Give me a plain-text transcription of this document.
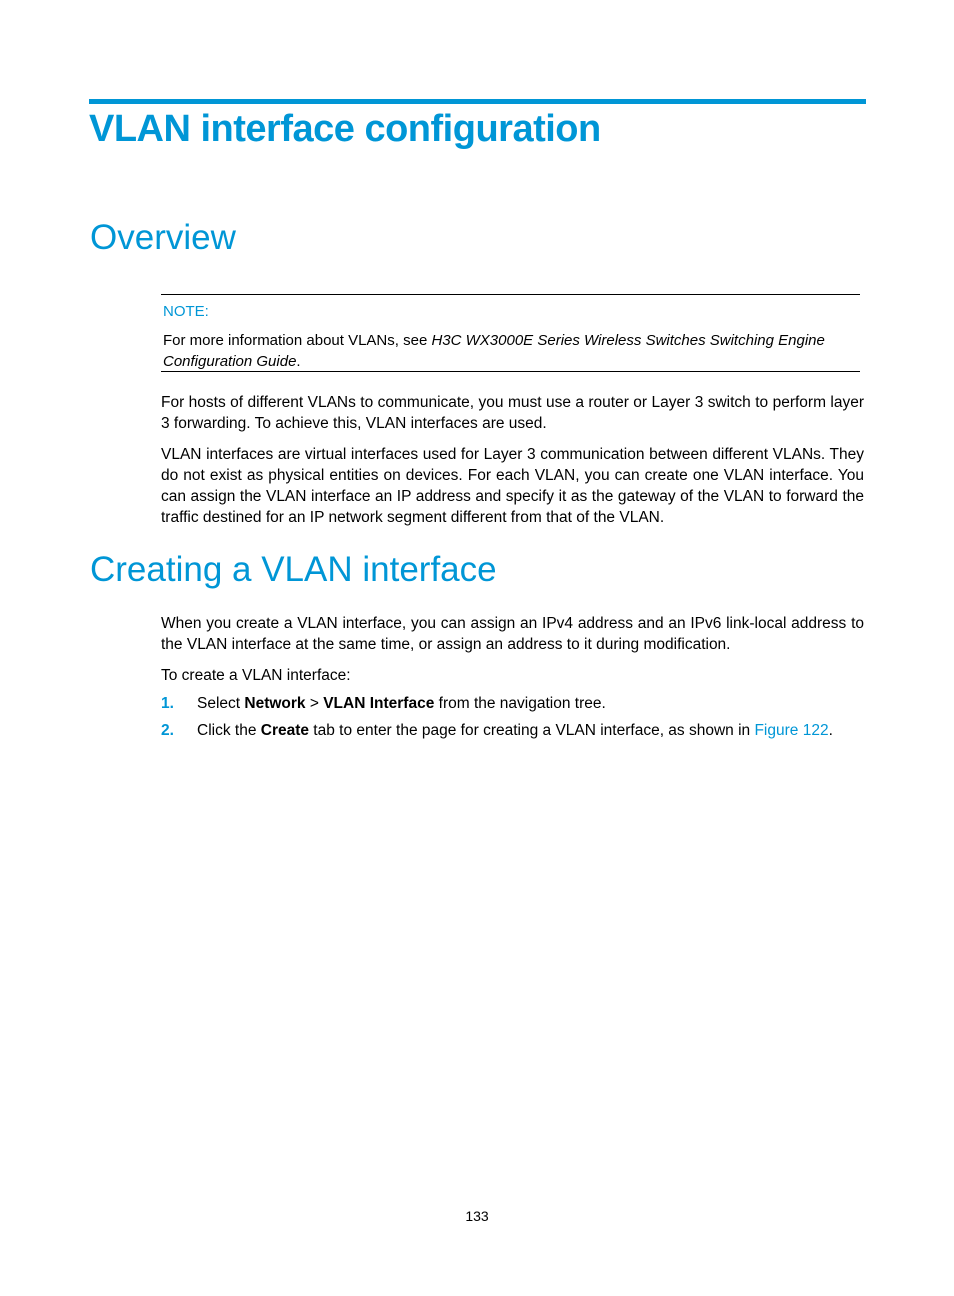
VLAN interface configuration
Overview
NOTE:
For more information about VLANs, see H3C WX3000E Series Wireless Switches Switching Engine Configuration Guide.

For hosts of different VLANs to communicate, you must use a router or Layer 3 switch to perform layer 3 forwarding. To achieve this, VLAN interfaces are used.

VLAN interfaces are virtual interfaces used for Layer 3 communication between different VLANs. They do not exist as physical entities on devices. For each VLAN, you can create one VLAN interface. You can assign the VLAN interface an IP address and specify it as the gateway of the VLAN to forward the traffic destined for an IP network segment different from that of the VLAN.

Creating a VLAN interface

When you create a VLAN interface, you can assign an IPv4 address and an IPv6 link-local address to the VLAN interface at the same time, or assign an address to it during modification.

To create a VLAN interface:

1. Select Network > VLAN Interface from the navigation tree.
2. Click the Create tab to enter the page for creating a VLAN interface, as shown in Figure 122.
133
